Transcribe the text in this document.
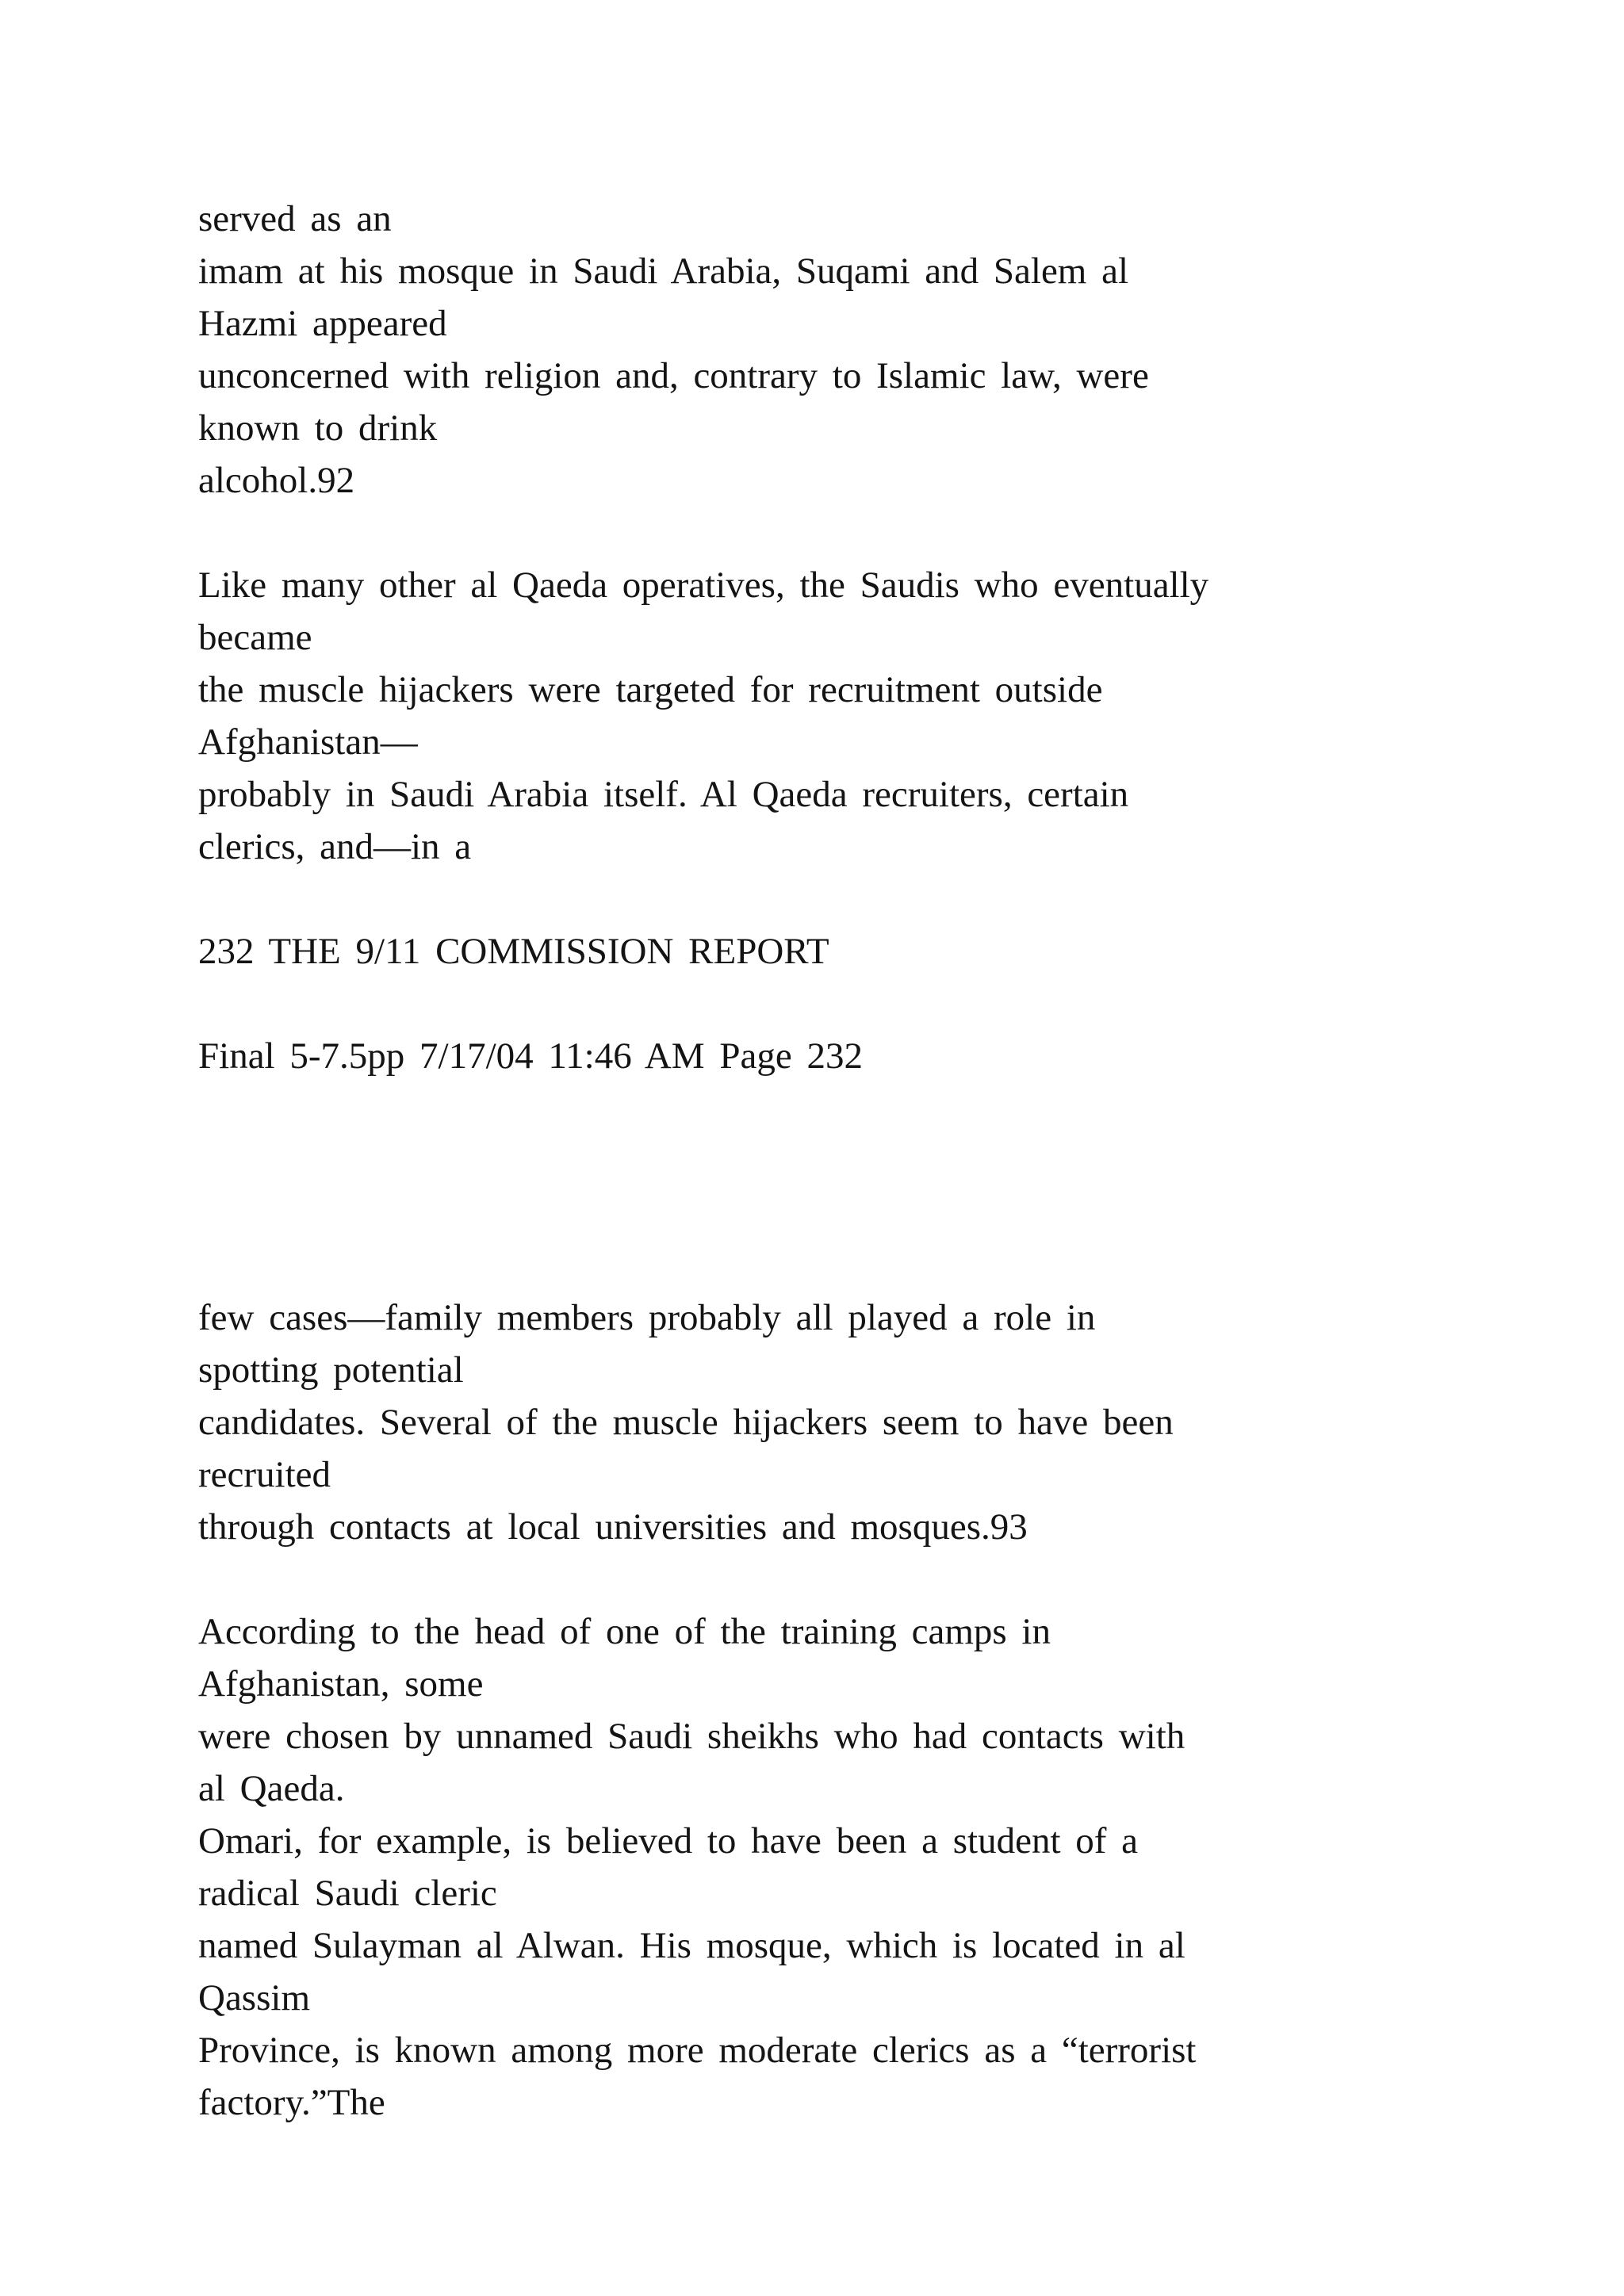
served as an

imam at his mosque in Saudi Arabia, Suqami and Salem al

Hazmi appeared

unconcerned with religion and, contrary to Islamic law, were

known to drink

alcohol.92

Like many other al Qaeda operatives, the Saudis who eventually

became

the muscle hijackers were targeted for recruitment outside

Afghanistan—

probably in Saudi Arabia itself. Al Qaeda recruiters, certain

clerics, and—in a

232 THE 9/11 COMMISSION REPORT

Final 5-7.5pp 7/17/04 11:46 AM Page 232

few cases—family members probably all played a role in

spotting potential

candidates. Several of the muscle hijackers seem to have been

recruited

through contacts at local universities and mosques.93

According to the head of one of the training camps in

Afghanistan, some

were chosen by unnamed Saudi sheikhs who had contacts with

al Qaeda.

Omari, for example, is believed to have been a student of a

radical Saudi cleric

named Sulayman al Alwan. His mosque, which is located in al

Qassim

Province, is known among more moderate clerics as a “terrorist

factory.”The
